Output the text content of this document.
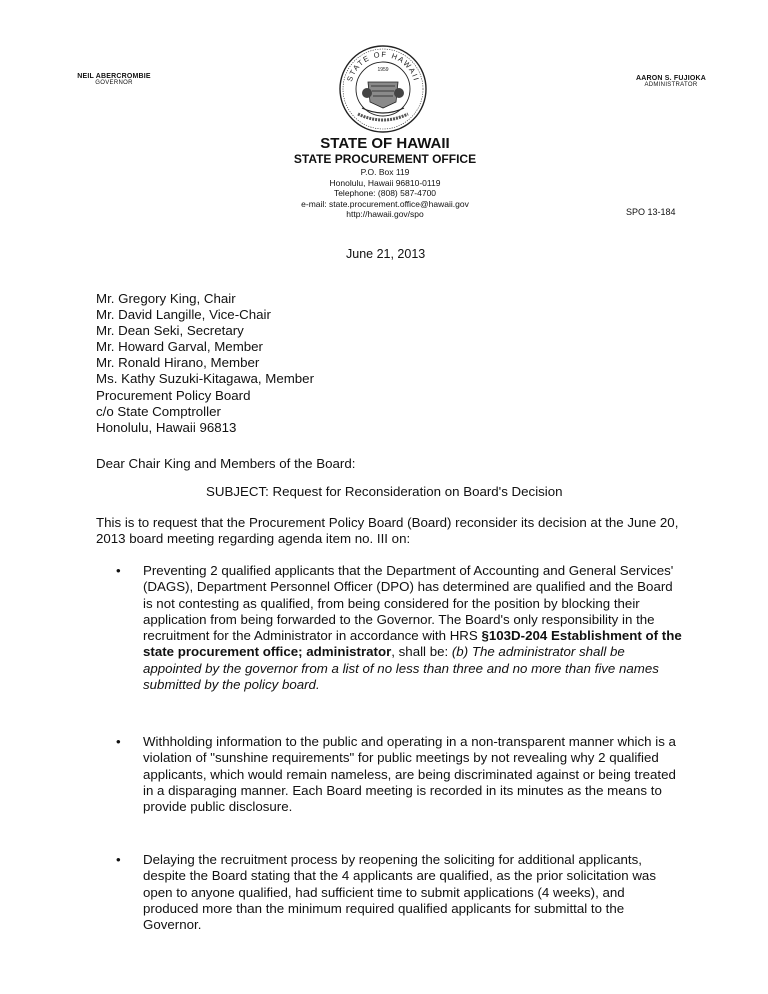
NEIL ABERCROMBIE
GOVERNOR
STATE OF HAWAII
1959
AARON S. FUJIOKA
ADMINISTRATOR
STATE OF HAWAII
STATE PROCUREMENT OFFICE
P.O. Box 119
Honolulu, Hawaii 96810-0119
Telephone: (808) 587-4700
e-mail: state.procurement.office@hawaii.gov
http://hawaii.gov/spo	SPO 13-184
June 21, 2013
Mr. Gregory King, Chair
Mr. David Langille, Vice-Chair
Mr. Dean Seki, Secretary
Mr. Howard Garval, Member
Mr. Ronald Hirano, Member
Ms. Kathy Suzuki-Kitagawa, Member
Procurement Policy Board
c/o State Comptroller
Honolulu, Hawaii 96813
Dear Chair King and Members of the Board:
SUBJECT: Request for Reconsideration on Board's Decision
This is to request that the Procurement Policy Board (Board) reconsider its decision at the June 20, 2013 board meeting regarding agenda item no. III on:
• Preventing 2 qualified applicants that the Department of Accounting and General Services' (DAGS), Department Personnel Officer (DPO) has determined are qualified and the Board is not contesting as qualified, from being considered for the position by blocking their application from being forwarded to the Governor. The Board's only responsibility in the recruitment for the Administrator in accordance with HRS §103D-204 Establishment of the state procurement office; administrator, shall be: (b) The administrator shall be appointed by the governor from a list of no less than three and no more than five names submitted by the policy board.
• Withholding information to the public and operating in a non-transparent manner which is a violation of "sunshine requirements" for public meetings by not revealing why 2 qualified applicants, which would remain nameless, are being discriminated against or being treated in a disparaging manner. Each Board meeting is recorded in its minutes as the means to provide public disclosure.
• Delaying the recruitment process by reopening the soliciting for additional applicants, despite the Board stating that the 4 applicants are qualified, as the prior solicitation was open to anyone qualified, had sufficient time to submit applications (4 weeks), and produced more than the minimum required qualified applicants for submittal to the Governor.
